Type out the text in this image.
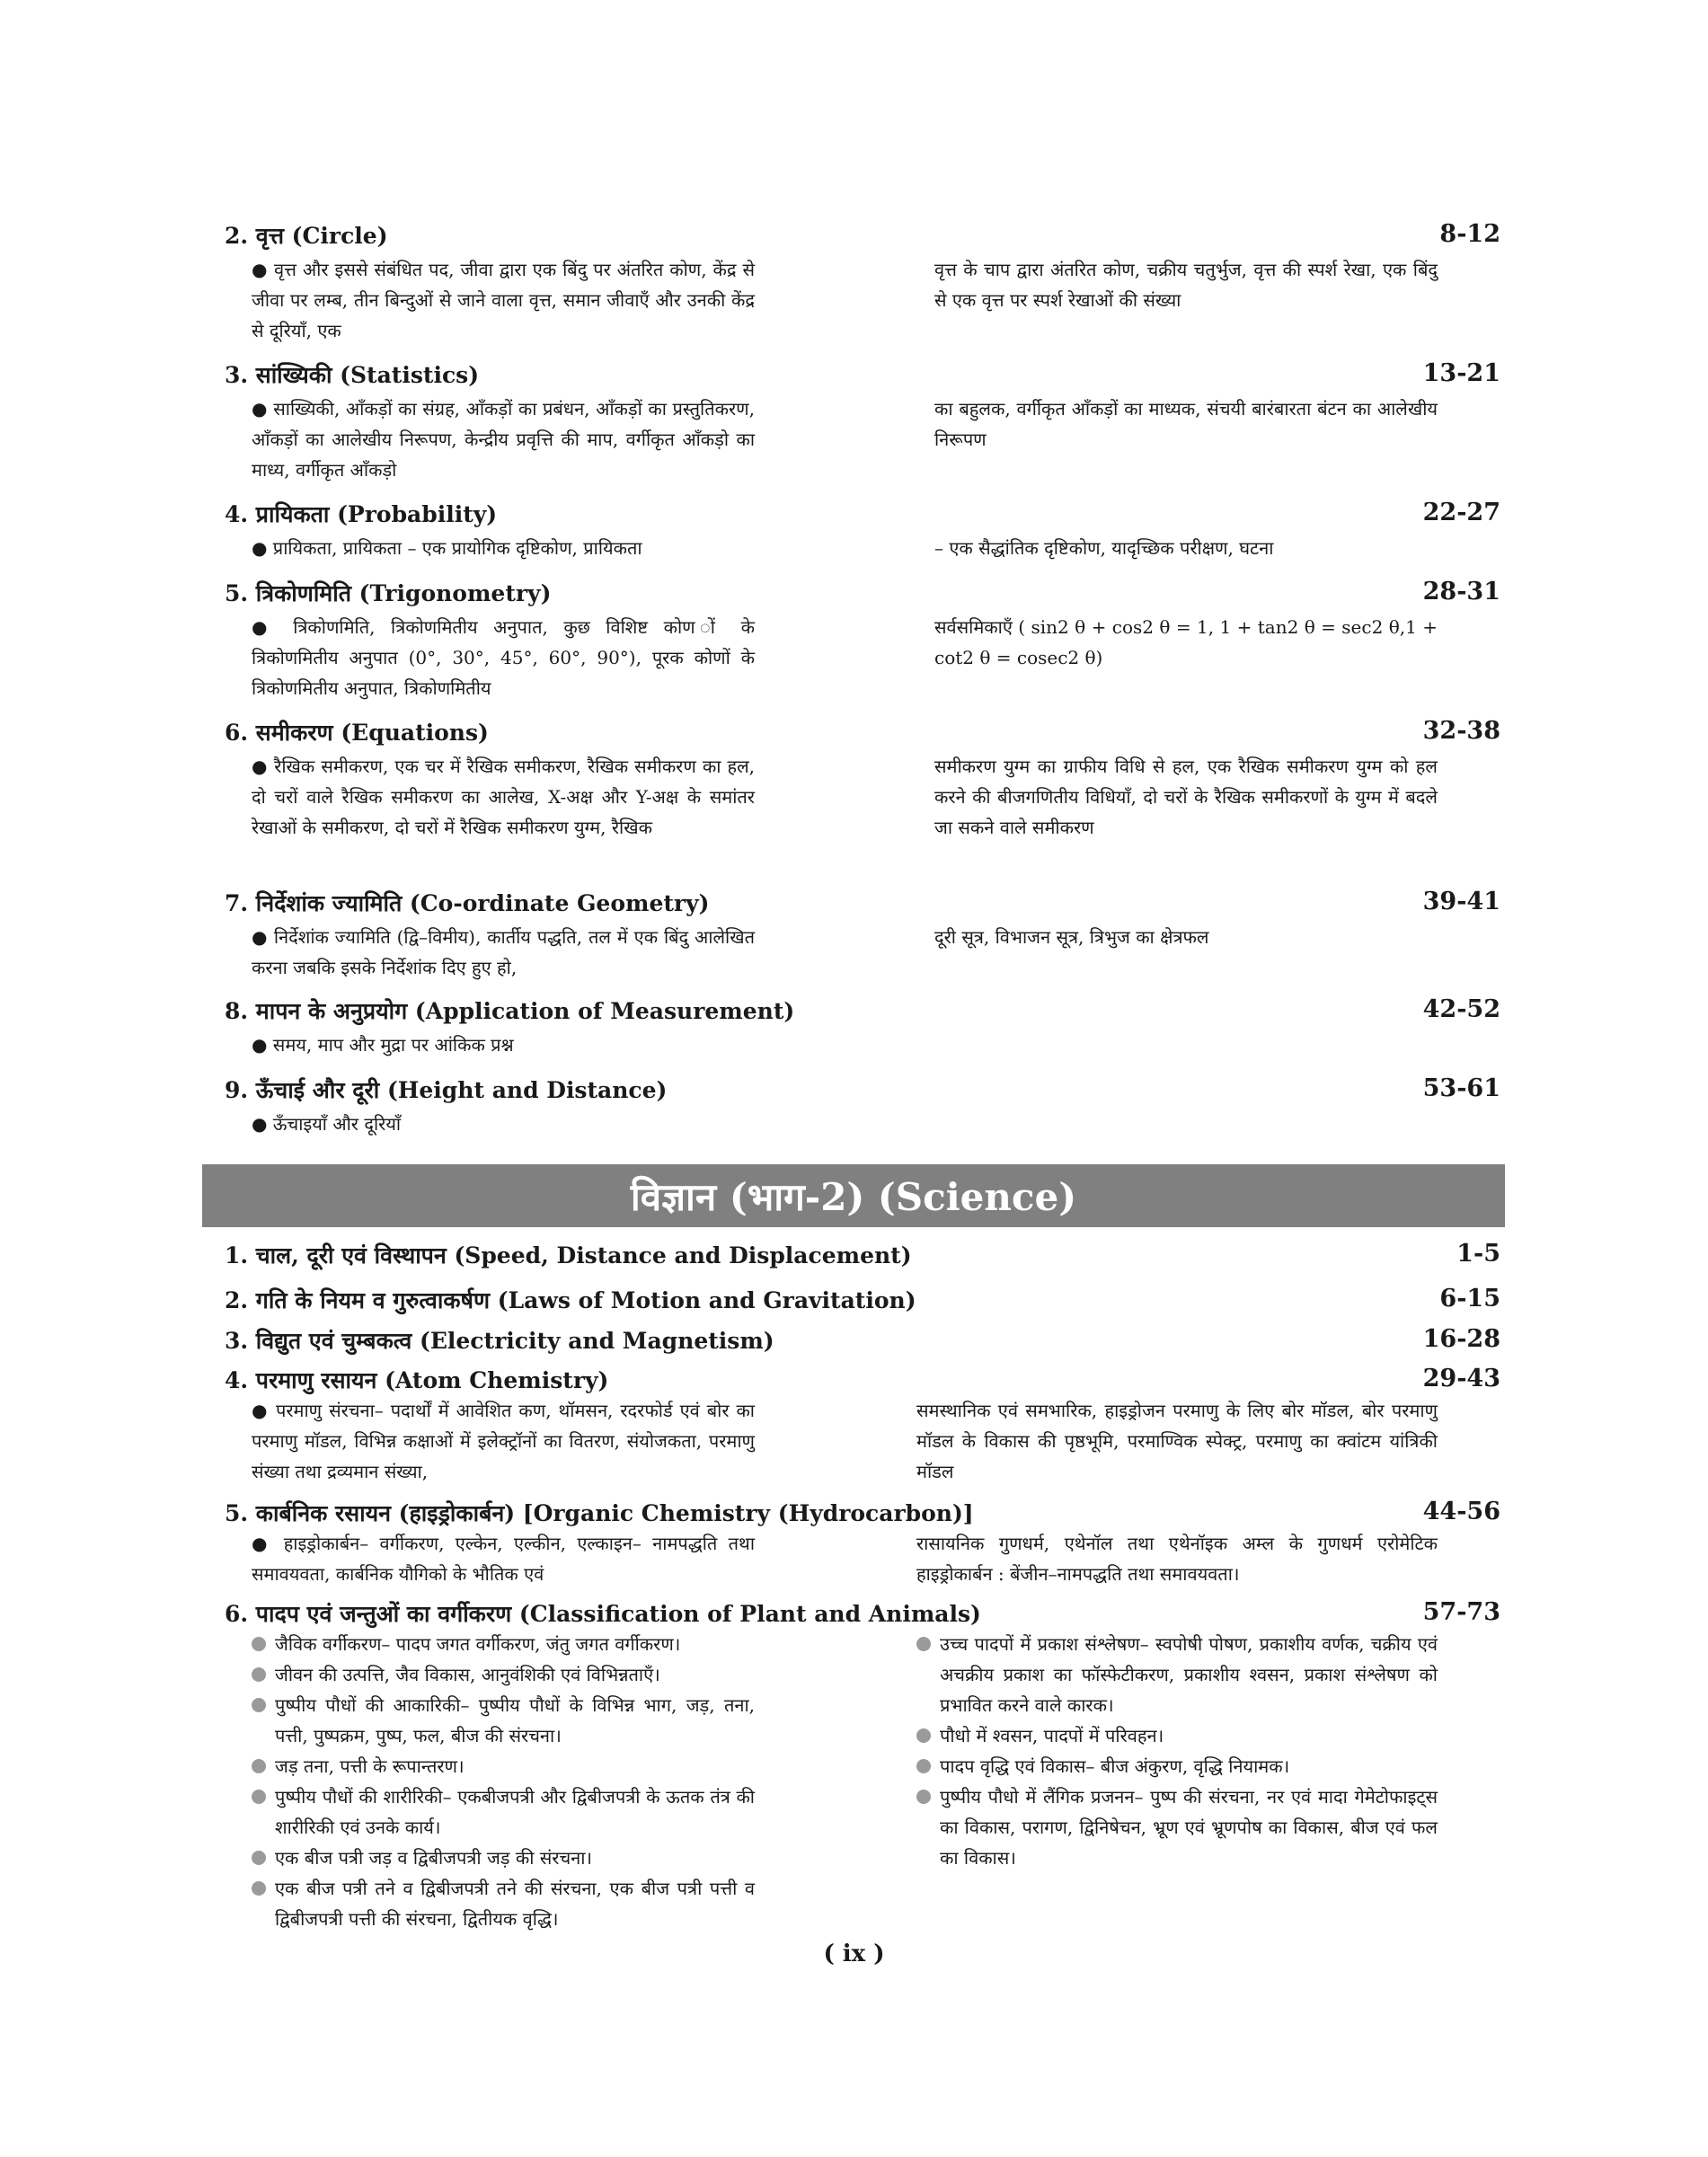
2. वृत्त (Circle)	8-12
● वृत्त और इससे संबंधित पद, जीवा द्वारा एक बिंदु पर अंतरित कोण, केंद्र से जीवा पर लम्ब, तीन बिन्दुओं से जाने वाला वृत्त, समान जीवाएँ और उनकी केंद्र से दूरियाँ, एक
वृत्त के चाप द्वारा अंतरित कोण, चक्रीय चतुर्भुज, वृत्त की स्पर्श रेखा, एक बिंदु से एक वृत्त पर स्पर्श रेखाओं की संख्या
3. सांख्यिकी (Statistics)	13-21
● साख्यिकी, आँकड़ों का संग्रह, आँकड़ों का प्रबंधन, आँकड़ों का प्रस्तुतिकरण, आँकड़ों का आलेखीय निरूपण, केन्द्रीय प्रवृत्ति की माप, वर्गीकृत आँकड़ो का माध्य, वर्गीकृत आँकड़ो
का बहुलक, वर्गीकृत आँकड़ों का माध्यक, संचयी बारंबारता बंटन का आलेखीय निरूपण
4. प्रायिकता (Probability)	22-27
● प्रायिकता, प्रायिकता – एक प्रायोगिक दृष्टिकोण, प्रायिकता	– एक सैद्धांतिक दृष्टिकोण, यादृच्छिक परीक्षण, घटना
5. त्रिकोणमिति (Trigonometry)	28-31
● त्रिकोणमिति, त्रिकोणमितीय अनुपात, कुछ विशिष्ट कोण ों के त्रिकोणमितीय अनुपात (0°, 30°, 45°, 60°, 90°), पूरक कोणों के त्रिकोणमितीय अनुपात, त्रिकोणमितीय
सर्वसमिकाएँ ( sin2 θ + cos2 θ = 1, 1 + tan2 θ = sec2 θ,1 + cot2 θ = cosec2 θ)
6. समीकरण (Equations)	32-38
● रैखिक समीकरण, एक चर में रैखिक समीकरण, रैखिक समीकरण का हल, दो चरों वाले रैखिक समीकरण का आलेख, X-अक्ष और Y-अक्ष के समांतर रेखाओं के समीकरण, दो चरों में रैखिक समीकरण युग्म, रैखिक
समीकरण युग्म का ग्राफीय विधि से हल, एक रैखिक समीकरण युग्म को हल करने की बीजगणितीय विधियाँ, दो चरों के रैखिक समीकरणों के युग्म में बदले जा सकने वाले समीकरण
7. निर्देशांक ज्यामिति (Co-ordinate Geometry)	39-41
● निर्देशांक ज्यामिति (द्वि–विमीय), कार्तीय पद्धति, तल में एक बिंदु आलेखित करना जबकि इसके निर्देशांक दिए हुए हो,
दूरी सूत्र, विभाजन सूत्र, त्रिभुज का क्षेत्रफल
8. मापन के अनुप्रयोग (Application of Measurement)	42-52
● समय, माप और मुद्रा पर आंकिक प्रश्न
9. ऊँचाई और दूरी (Height and Distance)	53-61
● ऊँचाइयाँ और दूरियाँ
विज्ञान (भाग-2) (Science)
1. चाल, दूरी एवं विस्थापन (Speed, Distance and Displacement)	1-5
2. गति के नियम व गुरुत्वाकर्षण (Laws of Motion and Gravitation)	6-15
3. विद्युत एवं चुम्बकत्व (Electricity and Magnetism)	16-28
4. परमाणु रसायन (Atom Chemistry)	29-43
● परमाणु संरचना– पदार्थों में आवेशित कण, थॉमसन, रदरफोर्ड एवं बोर का परमाणु मॉडल, विभिन्न कक्षाओं में इलेक्ट्रॉनों का वितरण, संयोजकता, परमाणु संख्या तथा द्रव्यमान संख्या,
समस्थानिक एवं समभारिक, हाइड्रोजन परमाणु के लिए बोर मॉडल, बोर परमाणु मॉडल के विकास की पृष्ठभूमि, परमाण्विक स्पेक्ट्र, परमाणु का क्वांटम यांत्रिकी मॉडल
5. कार्बनिक रसायन (हाइड्रोकार्बन) [Organic Chemistry (Hydrocarbon)]	44-56
● हाइड्रोकार्बन– वर्गीकरण, एल्केन, एल्कीन, एल्काइन– नामपद्धति तथा समावयवता, कार्बनिक यौगिको के भौतिक एवं
रासायनिक गुणधर्म, एथेनॉल तथा एथेनॉइक अम्ल के गुणधर्म एरोमेटिक हाइड्रोकार्बन : बेंजीन–नामपद्धति तथा समावयवता।
6. पादप एवं जन्तुओं का वर्गीकरण (Classification of Plant and Animals)	57-73
जैविक वर्गीकरण– पादप जगत वर्गीकरण, जंतु जगत वर्गीकरण।
जीवन की उत्पत्ति, जैव विकास, आनुवंशिकी एवं विभिन्नताएँ।
पुष्पीय पौधों की आकारिकी– पुष्पीय पौधों के विभिन्न भाग, जड़, तना, पत्ती, पुष्पक्रम, पुष्प, फल, बीज की संरचना।
जड़ तना, पत्ती के रूपान्तरण।
पुष्पीय पौधों की शारीरिकी– एकबीजपत्री और द्विबीजपत्री के ऊतक तंत्र की शारीरिकी एवं उनके कार्य।
एक बीज पत्री जड़ व द्विबीजपत्री जड़ की संरचना।
एक बीज पत्री तने व द्विबीजपत्री तने की संरचना, एक बीज पत्री पत्ती व द्विबीजपत्री पत्ती की संरचना, द्वितीयक वृद्धि।
उच्च पादपों में प्रकाश संश्लेषण– स्वपोषी पोषण, प्रकाशीय वर्णक, चक्रीय एवं अचक्रीय प्रकाश का फॉस्फेटीकरण, प्रकाशीय श्वसन, प्रकाश संश्लेषण को प्रभावित करने वाले कारक।
पौधो में श्वसन, पादपों में परिवहन।
पादप वृद्धि एवं विकास– बीज अंकुरण, वृद्धि नियामक।
पुष्पीय पौधो में लैंगिक प्रजनन– पुष्प की संरचना, नर एवं मादा गेमेटोफाइट्स का विकास, परागण, द्विनिषेचन, भ्रूण एवं भ्रूणपोष का विकास, बीज एवं फल का विकास।
( ix )
